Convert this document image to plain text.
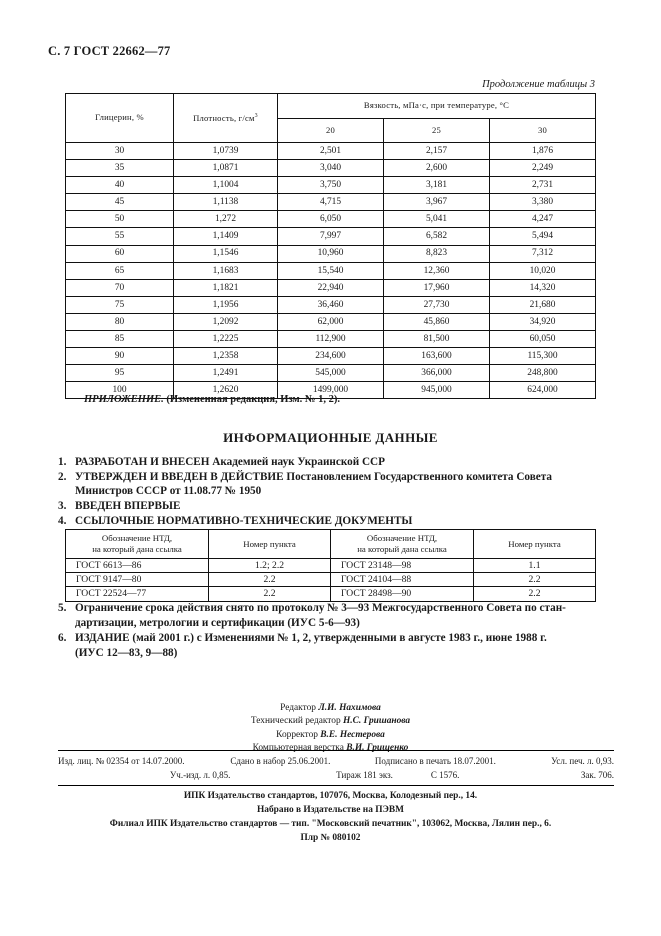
С. 7 ГОСТ 22662—77
Продолжение таблицы 3
Глицерин, %	Плотность, $г/см^3$	Вязкость, мПа·с, при температуре, °C		
		20	25	30
30	1,0739	2,501	2,157	1,876
35	1,0871	3,040	2,600	2,249
40	1,1004	3,750	3,181	2,731
45	1,1138	4,715	3,967	3,380
50	1,272	6,050	5,041	4,247
55	1,1409	7,997	6,582	5,494
60	1,1546	10,960	8,823	7,312
65	1,1683	15,540	12,360	10,020
70	1,1821	22,940	17,960	14,320
75	1,1956	36,460	27,730	21,680
80	1,2092	62,000	45,860	34,920
85	1,2225	112,900	81,500	60,050
90	1,2358	234,600	163,600	115,300
95	1,2491	545,000	366,000	248,800
100	1,2620	1499,000	945,000	624,000
ПРИЛОЖЕНИЕ. (Измененная редакция, Изм. № 1, 2).
ИНФОРМАЦИОННЫЕ ДАННЫЕ
1. РАЗРАБОТАН И ВНЕСЕН Академией наук Украинской ССР
2. УТВЕРЖДЕН И ВВЕДЕН В ДЕЙСТВИЕ Постановлением Государственного комитета Совета
Министров СССР от 11.08.77 № 1950
3. ВВЕДЕН ВПЕРВЫЕ
4. ССЫЛОЧНЫЕ НОРМАТИВНО-ТЕХНИЧЕСКИЕ ДОКУМЕНТЫ
Обозначение НТД,
на который дана ссылка	Номер пункта	Обозначение НТД,
на который дана ссылка	Номер пункта
ГОСТ 6613—86	1.2; 2.2	ГОСТ 23148—98	1.1
ГОСТ 9147—80	2.2	ГОСТ 24104—88	2.2
ГОСТ 22524—77	2.2	ГОСТ 28498—90	2.2
5. Ограничение срока действия снято по протоколу № 3—93 Межгосударственного Совета по стан-
дартизации, метрологии и сертификации (ИУС 5-6—93)
6. ИЗДАНИЕ (май 2001 г.) с Изменениями № 1, 2, утвержденными в августе 1983 г., июне 1988 г.
(ИУС 12—83, 9—88)
Редактор Л.И. Нахимова
Технический редактор Н.С. Гришанова
Корректор В.Е. Нестерова
Компьютерная верстка В.И. Грищенко
Изд. лиц. № 02354 от 14.07.2000.	Сдано в набор 25.06.2001.	Подписано в печать 18.07.2001.	Усл. печ. л. 0,93.
Уч.-изд. л. 0,85.	Тираж 181 экз.	С 1576.	Зак. 706.
ИПК Издательство стандартов, 107076, Москва, Колодезный пер., 14.
Набрано в Издательстве на ПЭВМ
Филиал ИПК Издательство стандартов — тип. "Московский печатник", 103062, Москва, Лялин пер., 6.
Плр № 080102
